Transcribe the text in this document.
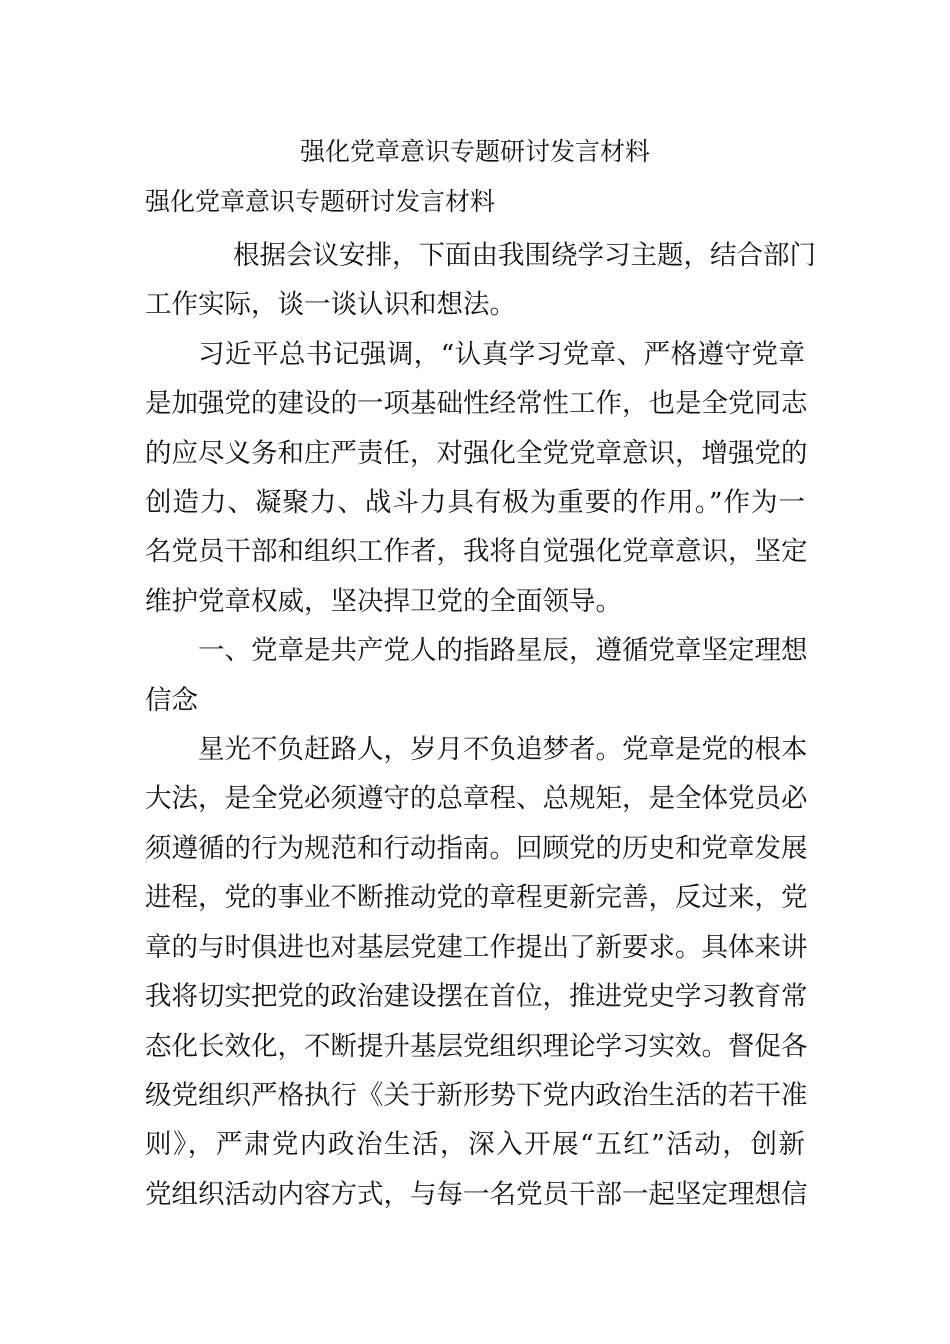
强化党章意识专题研讨发言材料
强化党章意识专题研讨发言材料

根据会议安排，下面由我围绕学习主题，结合部门
工作实际，谈一谈认识和想法。

习近平总书记强调，“认真学习党章、严格遵守党章
是加强党的建设的一项基础性经常性工作，也是全党同志
的应尽义务和庄严责任，对强化全党党章意识，增强党的
创造力、凝聚力、战斗力具有极为重要的作用。”作为一
名党员干部和组织工作者，我将自觉强化党章意识，坚定
维护党章权威，坚决捍卫党的全面领导。

一、党章是共产党人的指路星辰，遵循党章坚定理想
信念

星光不负赶路人，岁月不负追梦者。党章是党的根本
大法，是全党必须遵守的总章程、总规矩，是全体党员必
须遵循的行为规范和行动指南。回顾党的历史和党章发展
进程，党的事业不断推动党的章程更新完善，反过来，党
章的与时俱进也对基层党建工作提出了新要求。具体来讲
我将切实把党的政治建设摆在首位，推进党史学习教育常
态化长效化，不断提升基层党组织理论学习实效。督促各
级党组织严格执行《关于新形势下党内政治生活的若干准
则》，严肃党内政治生活，深入开展“五红”活动，创新
党组织活动内容方式，与每一名党员干部一起坚定理想信
